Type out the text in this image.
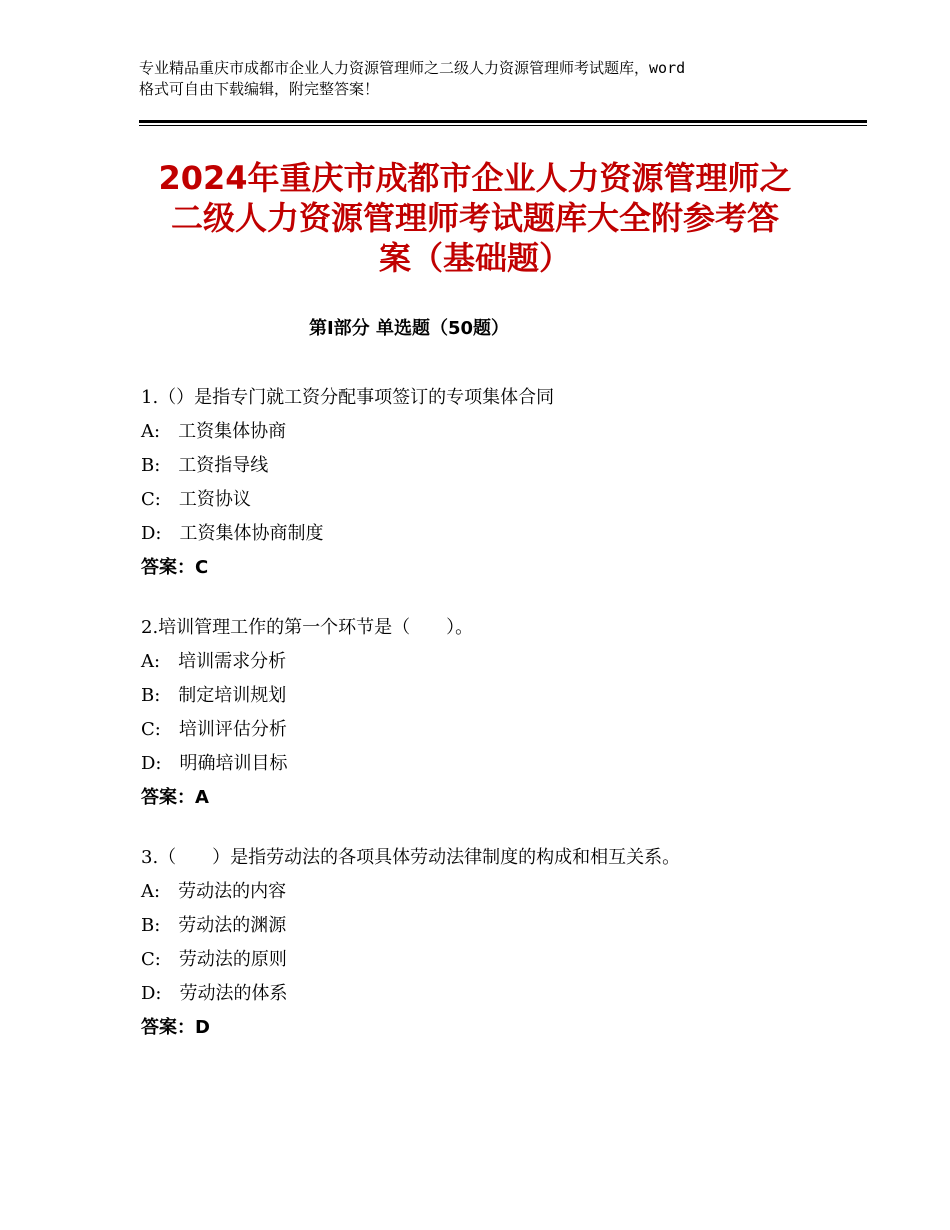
专业精品重庆市成都市企业人力资源管理师之二级人力资源管理师考试题库，word
格式可自由下载编辑，附完整答案！
2024年重庆市成都市企业人力资源管理师之
二级人力资源管理师考试题库大全附参考答
案（基础题）
第Ⅰ部分 单选题（50题）
1.（）是指专门就工资分配事项签订的专项集体合同
A:　工资集体协商
B:　工资指导线
C:　工资协议
D:　工资集体协商制度
答案：C
2.培训管理工作的第一个环节是（　　）。
A:　培训需求分析
B:　制定培训规划
C:　培训评估分析
D:　明确培训目标
答案：A
3.（　　）是指劳动法的各项具体劳动法律制度的构成和相互关系。
A:　劳动法的内容
B:　劳动法的渊源
C:　劳动法的原则
D:　劳动法的体系
答案：D
